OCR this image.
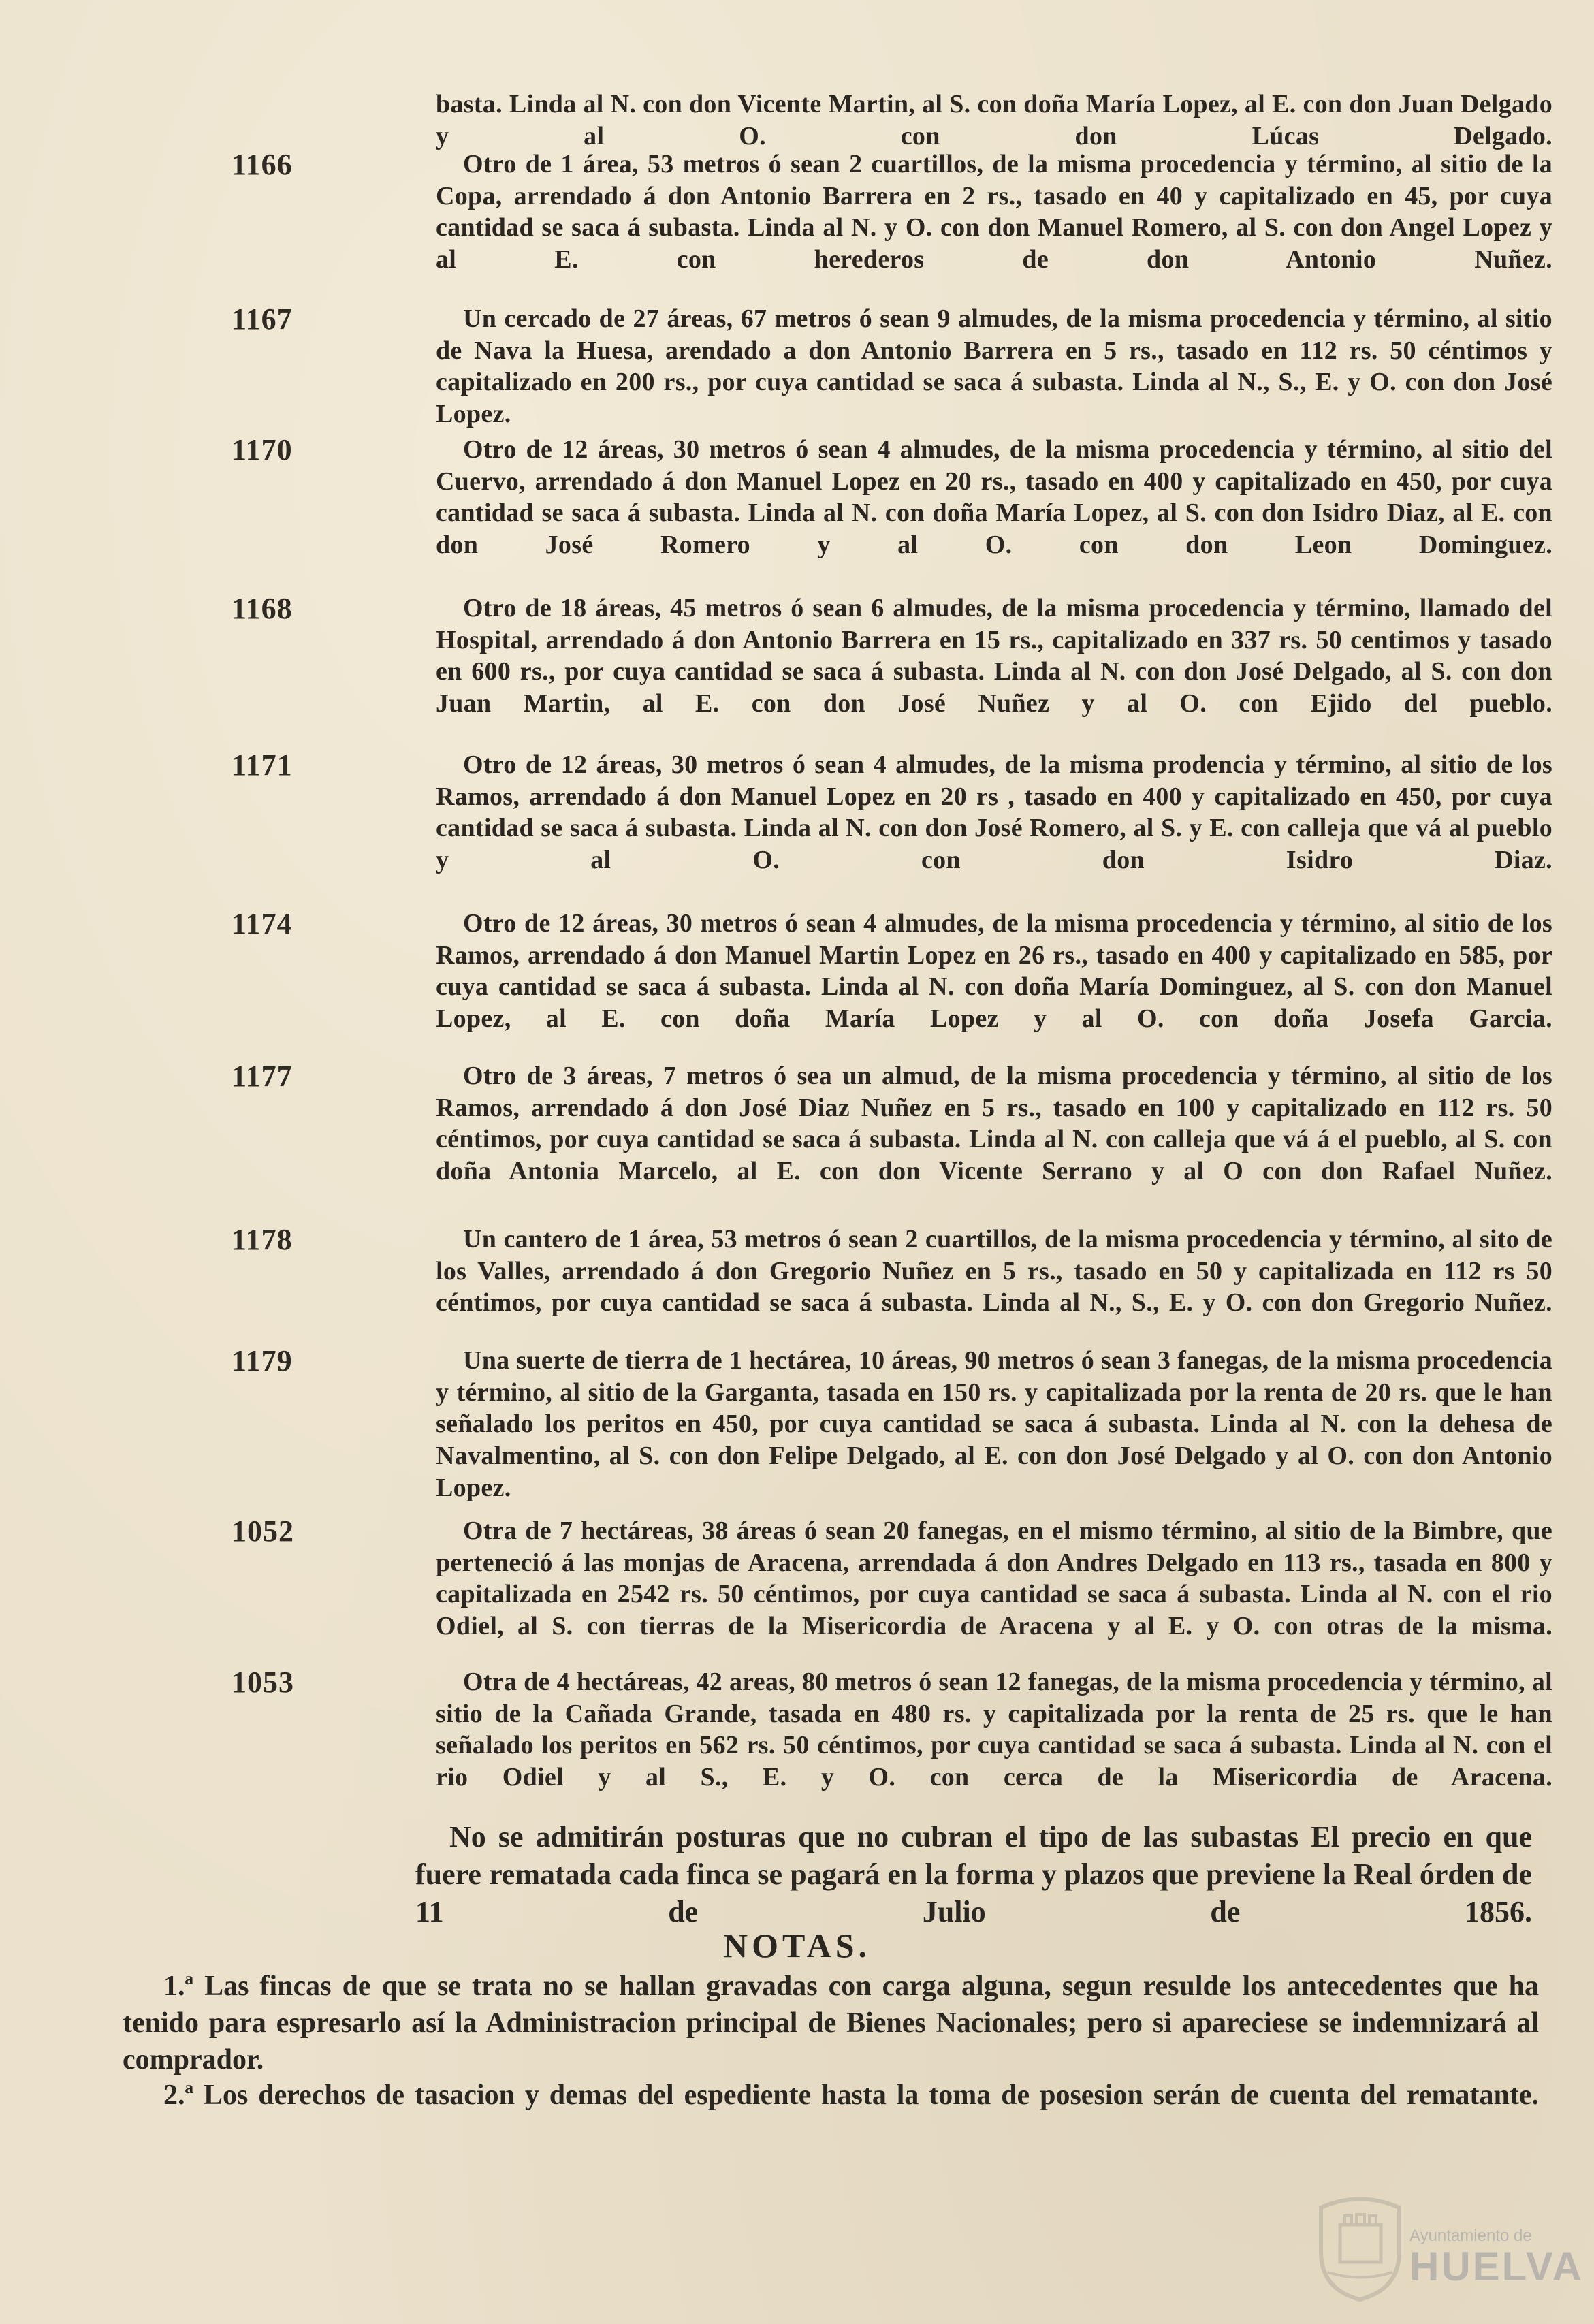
basta. Linda al N. con don Vicente Martin, al S. con doña María Lopez, al E. con don Juan Delgado y al O. con don Lúcas Delgado.
1166	Otro de 1 área, 53 metros ó sean 2 cuartillos, de la misma procedencia y término, al sitio de la Copa, arrendado á don Antonio Barrera en 2 rs., tasado en 40 y capitalizado en 45, por cuya cantidad se saca á subasta. Linda al N. y O. con don Manuel Romero, al S. con don Angel Lopez y al E. con herederos de don Antonio Nuñez.
1167	Un cercado de 27 áreas, 67 metros ó sean 9 almudes, de la misma procedencia y término, al sitio de Nava la Huesa, arendado a don Antonio Barrera en 5 rs., tasado en 112 rs. 50 céntimos y capitalizado en 200 rs., por cuya cantidad se saca á subasta. Linda al N., S., E. y O. con don José Lopez.
1170	Otro de 12 áreas, 30 metros ó sean 4 almudes, de la misma procedencia y término, al sitio del Cuervo, arrendado á don Manuel Lopez en 20 rs., tasado en 400 y capitalizado en 450, por cuya cantidad se saca á subasta. Linda al N. con doña María Lopez, al S. con don Isidro Diaz, al E. con don José Romero y al O. con don Leon Dominguez.
1168	Otro de 18 áreas, 45 metros ó sean 6 almudes, de la misma procedencia y término, llamado del Hospital, arrendado á don Antonio Barrera en 15 rs., capitalizado en 337 rs. 50 centimos y tasado en 600 rs., por cuya cantidad se saca á subasta. Linda al N. con don José Delgado, al S. con don Juan Martin, al E. con don José Nuñez y al O. con Ejido del pueblo.
1171	Otro de 12 áreas, 30 metros ó sean 4 almudes, de la misma prodencia y término, al sitio de los Ramos, arrendado á don Manuel Lopez en 20 rs , tasado en 400 y capitalizado en 450, por cuya cantidad se saca á subasta. Linda al N. con don José Romero, al S. y E. con calleja que vá al pueblo y al O. con don Isidro Diaz.
1174	Otro de 12 áreas, 30 metros ó sean 4 almudes, de la misma procedencia y término, al sitio de los Ramos, arrendado á don Manuel Martin Lopez en 26 rs., tasado en 400 y capitalizado en 585, por cuya cantidad se saca á subasta. Linda al N. con doña María Dominguez, al S. con don Manuel Lopez, al E. con doña María Lopez y al O. con doña Josefa Garcia.
1177	Otro de 3 áreas, 7 metros ó sea un almud, de la misma procedencia y término, al sitio de los Ramos, arrendado á don José Diaz Nuñez en 5 rs., tasado en 100 y capitalizado en 112 rs. 50 céntimos, por cuya cantidad se saca á subasta. Linda al N. con calleja que vá á el pueblo, al S. con doña Antonia Marcelo, al E. con don Vicente Serrano y al O con don Rafael Nuñez.
1178	Un cantero de 1 área, 53 metros ó sean 2 cuartillos, de la misma procedencia y término, al sito de los Valles, arrendado á don Gregorio Nuñez en 5 rs., tasado en 50 y capitalizada en 112 rs 50 céntimos, por cuya cantidad se saca á subasta. Linda al N., S., E. y O. con don Gregorio Nuñez.
1179	Una suerte de tierra de 1 hectárea, 10 áreas, 90 metros ó sean 3 fanegas, de la misma procedencia y término, al sitio de la Garganta, tasada en 150 rs. y capitalizada por la renta de 20 rs. que le han señalado los peritos en 450, por cuya cantidad se saca á subasta. Linda al N. con la dehesa de Navalmentino, al S. con don Felipe Delgado, al E. con don José Delgado y al O. con don Antonio Lopez.
1052	Otra de 7 hectáreas, 38 áreas ó sean 20 fanegas, en el mismo término, al sitio de la Bimbre, que perteneció á las monjas de Aracena, arrendada á don Andres Delgado en 113 rs., tasada en 800 y capitalizada en 2542 rs. 50 céntimos, por cuya cantidad se saca á subasta. Linda al N. con el rio Odiel, al S. con tierras de la Misericordia de Aracena y al E. y O. con otras de la misma.
1053	Otra de 4 hectáreas, 42 areas, 80 metros ó sean 12 fanegas, de la misma procedencia y término, al sitio de la Cañada Grande, tasada en 480 rs. y capitalizada por la renta de 25 rs. que le han señalado los peritos en 562 rs. 50 céntimos, por cuya cantidad se saca á subasta. Linda al N. con el rio Odiel y al S., E. y O. con cerca de la Misericordia de Aracena.
No se admitirán posturas que no cubran el tipo de las subastas El precio en que fuere rematada cada finca se pagará en la forma y plazos que previene la Real órden de 11 de Julio de 1856.
NOTAS.
1.ª Las fincas de que se trata no se hallan gravadas con carga alguna, segun resulde los antecedentes que ha tenido para espresarlo así la Administracion principal de Bienes Nacionales; pero si apareciese se indemnizará al comprador.
2.ª Los derechos de tasacion y demas del espediente hasta la toma de posesion serán de cuenta del rematante.
Ayuntamiento de
HUELVA
